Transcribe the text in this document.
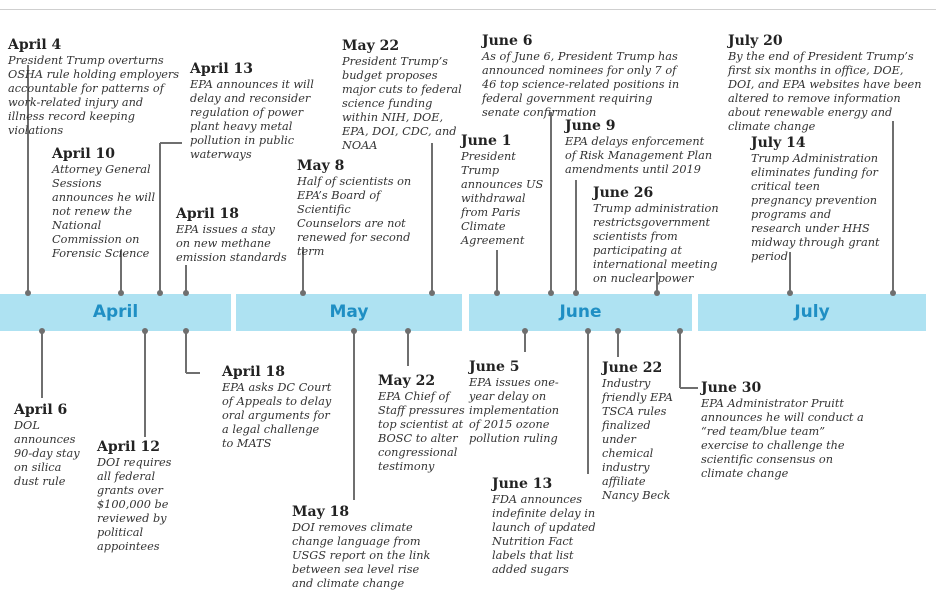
April	May	June	July
April 4
President Trump overturns OSHA rule holding employers accountable for patterns of work-related injury and illness record keeping violations
April 10
Attorney General Sessions announces he will not renew the National Commission on Forensic Science
April 13
EPA announces it will delay and reconsider regulation of power plant heavy metal pollution in public waterways
April 18
EPA issues a stay on new methane emission standards
May 8
Half of scientists on EPA’s Board of Scientific Counselors are not renewed for second term
May 22
President Trump’s budget proposes major cuts to federal science funding within NIH, DOE, EPA, DOI, CDC, and NOAA	June 1
President Trump announces US withdrawal from Paris Climate Agreement
June 6
As of June 6, President Trump has announced nominees for only 7 of 46 top science-related positions in federal government requiring senate confirmation
June 9
EPA delays enforcement of Risk Management Plan amendments until 2019
June 26
Trump administration restrictsgovernment scientists from participating at international meeting on nuclear power
July 20
By the end of President Trump’s first six months in office, DOE, DOI, and EPA websites have been altered to remove information about renewable energy and climate change
July 14
Trump Administration eliminates funding for critical teen pregnancy prevention programs and research under HHS midway through grant period
April 6
DOL announces 90-day stay on silica dust rule
April 12
DOI requires all federal grants over $100,000 be reviewed by political appointees
April 18
EPA asks DC Court of Appeals to delay oral arguments for a legal challenge to MATS
May 18
DOI removes climate change language from USGS report on the link between sea level rise and climate change
May 22
EPA Chief of Staff pressures top scientist at BOSC to alter congressional testimony
June 5
EPA issues one-year delay on implementation of 2015 ozone pollution ruling
June 13
FDA announces indefinite delay in launch of updated Nutrition Fact labels that list added sugars
June 22
Industry friendly EPA TSCA rules finalized under chemical industry affiliate Nancy Beck
June 30
EPA Administrator Pruitt announces he will conduct a “red team/blue team” exercise to challenge the scientific consensus on climate change
